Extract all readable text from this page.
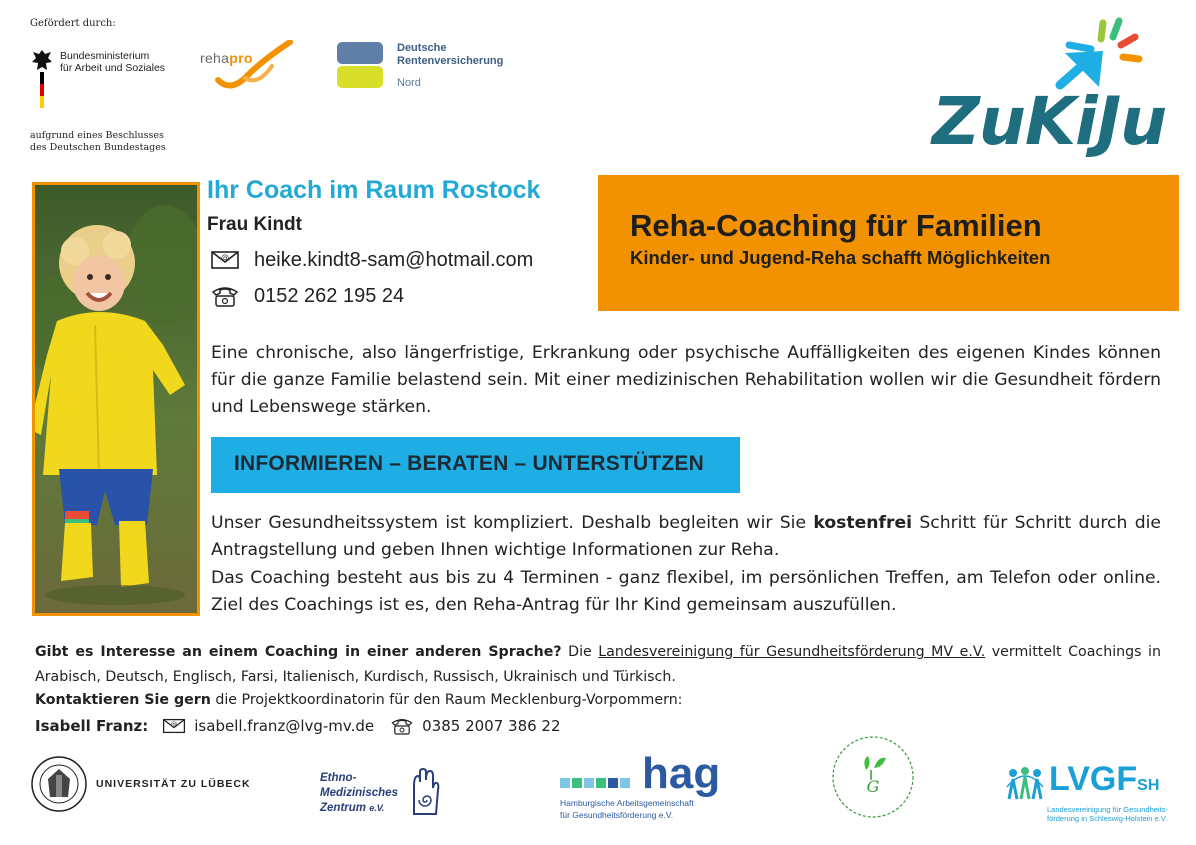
Gefördert durch:
Bundesministerium
für Arbeit und Soziales
aufgrund eines Beschlusses
des Deutschen Bundestages
rehapro
Deutsche
Rentenversicherung
Nord	ZuKiJu
Ihr Coach im Raum Rostock
Frau Kindt
@ heike.kindt8-sam@hotmail.com
0152 262 195 24
Reha-Coaching für Familien
Kinder- und Jugend-Reha schafft Möglichkeiten
Eine chronische, also längerfristige, Erkrankung oder psychische Auffälligkeiten des eigenen Kindes können für die ganze Familie belastend sein. Mit einer medizinischen Rehabilitation wollen wir die Gesundheit fördern und Lebenswege stärken.
INFORMIEREN – BERATEN – UNTERSTÜTZEN
Unser Gesundheitssystem ist kompliziert. Deshalb begleiten wir Sie kostenfrei Schritt für Schritt durch die Antragstellung und geben Ihnen wichtige Informationen zur Reha.
Das Coaching besteht aus bis zu 4 Terminen - ganz flexibel, im persönlichen Treffen, am Telefon oder online. Ziel des Coachings ist es, den Reha-Antrag für Ihr Kind gemeinsam auszufüllen.
Gibt es Interesse an einem Coaching in einer anderen Sprache? Die Landesvereinigung für Gesundheitsförderung MV e.V. vermittelt Coachings in Arabisch, Deutsch, Englisch, Farsi, Italienisch, Kurdisch, Russisch, Ukrainisch und Türkisch.
Kontaktieren Sie gern die Projektkoordinatorin für den Raum Mecklenburg-Vorpommern:
Isabell Franz:	@ isabell.franz@lvg-mv.de	0385 2007 386 22
UNIVERSITÄT ZU LÜBECK
Ethno-
Medizinisches
Zentrum e.V.
hag
Hamburgische Arbeitsgemeinschaft
für Gesundheitsförderung e.V.
G	LVGFSH
Landesvereinigung für Gesundheits-
förderung in Schleswig-Holstein e.V.
